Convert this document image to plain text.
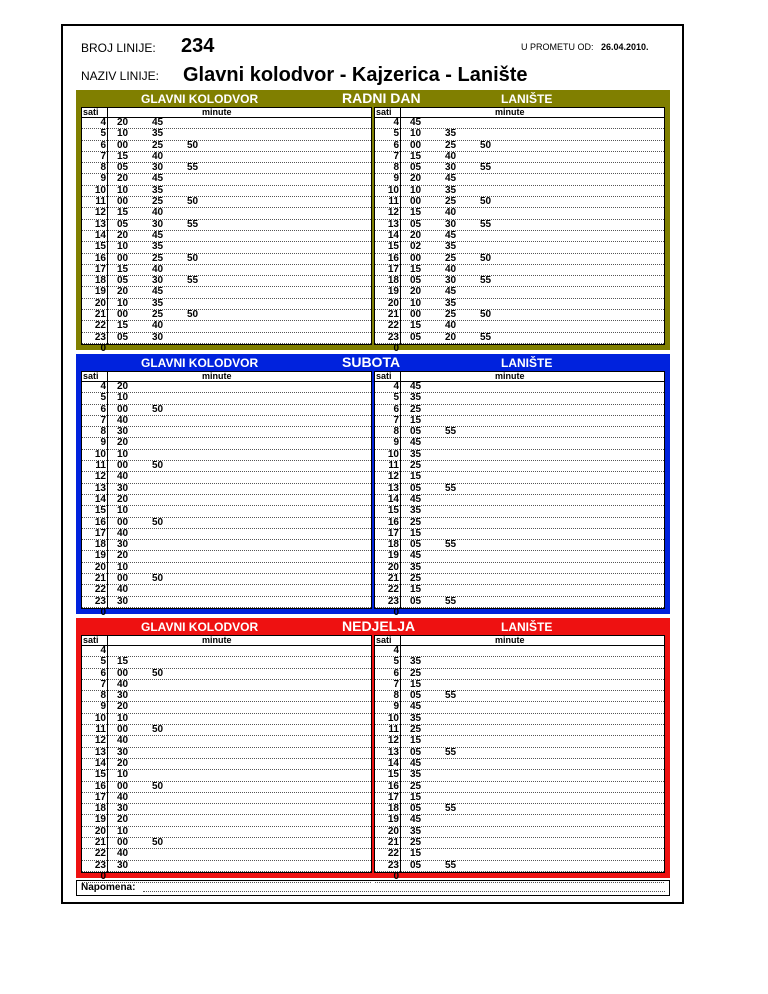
BROJ LINIJE: 234	U PROMETU OD: 26.04.2010.
NAZIV LINIJE: Glavni kolodvor - Kajzerica - Lanište
GLAVNI KOLODVOR	RADNI DAN	LANIŠTE
sati	minute
4 20 45
5 10 35
6 00 25 50
7 15 40
8 05 30 55
9 20 45
10 10 35
11 00 25 50
12 15 40
13 05 30 55
14 20 45
15 10 35
16 00 25 50
17 15 40
18 05 30 55
19 20 45
20 10 35
21 00 25 50
22 15 40
23 05 30
0
sati	minute
4 45
5 10 35
6 00 25 50
7 15 40
8 05 30 55
9 20 45
10 10 35
11 00 25 50
12 15 40
13 05 30 55
14 20 45
15 02 35
16 00 25 50
17 15 40
18 05 30 55
19 20 45
20 10 35
21 00 25 50
22 15 40
23 05 20 55
0
GLAVNI KOLODVOR	SUBOTA	LANIŠTE
sati	minute
4 20
5 10
6 00 50
7 40
8 30
9 20
10 10
11 00 50
12 40
13 30
14 20
15 10
16 00 50
17 40
18 30
19 20
20 10
21 00 50
22 40
23 30
0
sati	minute
4 45
5 35
6 25
7 15
8 05 55
9 45
10 35
11 25
12 15
13 05 55
14 45
15 35
16 25
17 15
18 05 55
19 45
20 35
21 25
22 15
23 05 55
0
GLAVNI KOLODVOR	NEDJELJA	LANIŠTE
sati	minute
4
5 15
6 00 50
7 40
8 30
9 20
10 10
11 00 50
12 40
13 30
14 20
15 10
16 00 50
17 40
18 30
19 20
20 10
21 00 50
22 40
23 30
0
sati	minute
4
5 35
6 25
7 15
8 05 55
9 45
10 35
11 25
12 15
13 05 55
14 45
15 35
16 25
17 15
18 05 55
19 45
20 35
21 25
22 15
23 05 55
0
Napomena:
